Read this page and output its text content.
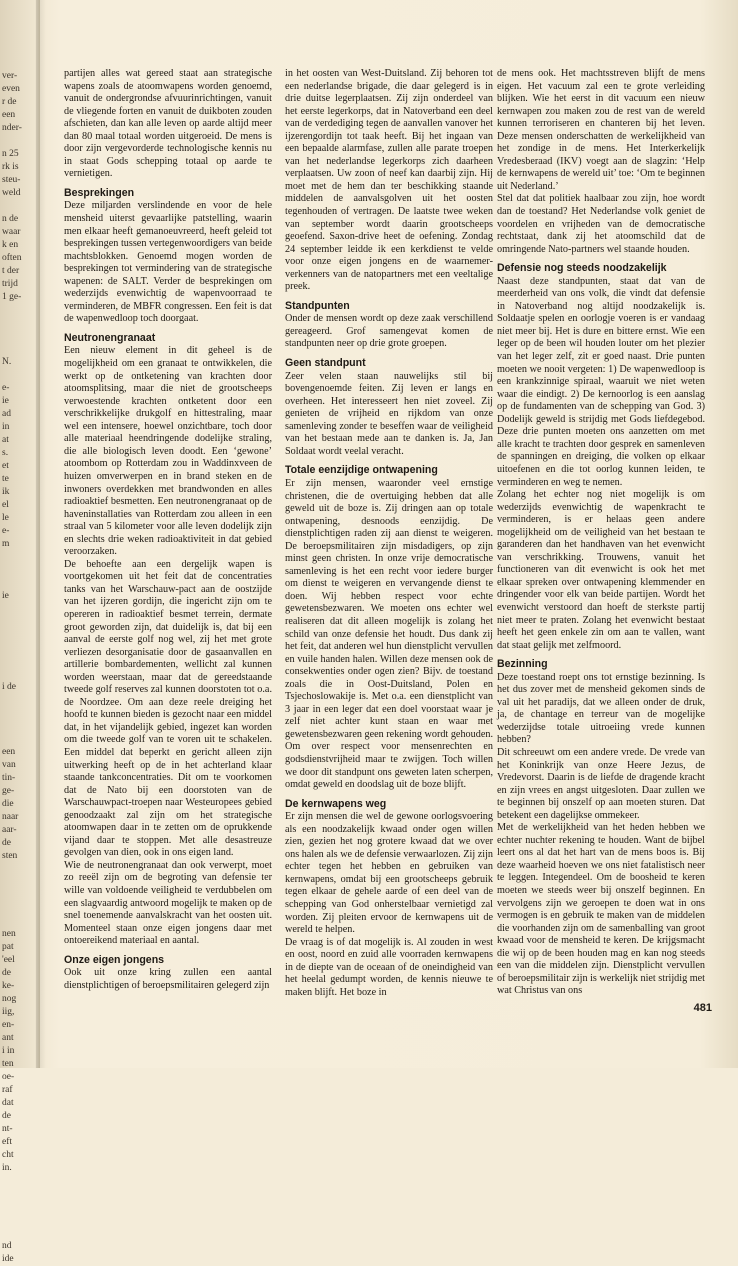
ver-
even
r de
een
nder-
n 25
rk is
steu-
weld
n de
waar
k en
often
t der
trijd
1 ge-
N.
e-
ie
ad
in
at
s.
et
te
ik
el
le
e-
m
ie
i de
een
van
tin-
ge-
die
naar
aar-
de
sten
nen
pat
'eel
de
ke-
nog
iig,
en-
ant
i in
ten
oe-
raf
dat
de
nt-
eft
cht
in.
nd
ide

partijen alles wat gereed staat aan strategische wapens zoals de atoomwapens worden genoemd, vanuit de ondergrondse afvuurinrichtingen, vanuit de vliegende forten en vanuit de duikboten zouden afschieten, dan kan alle leven op aarde altijd meer dan 80 maal totaal worden uitgeroeid. De mens is door zijn vergevorderde technologische kennis nu in staat Gods schepping totaal op aarde te vernietigen.

Besprekingen

Deze miljarden verslindende en voor de hele mensheid uiterst gevaarlijke patstelling, waarin men elkaar heeft gemanoeuvreerd, heeft geleid tot besprekingen tussen vertegenwoordigers van beide machtsblokken. Genoemd mogen worden de besprekingen tot vermindering van de strategische wapenen: de SALT. Verder de besprekingen om wederzijds evenwichtig de wapenvoorraad te verminderen, de MBFR congressen. Een feit is dat de wapenwedloop toch doorgaat.

Neutronengranaat

Een nieuw element in dit geheel is de mogelijkheid om een granaat te ontwikkelen, die werkt op de ontketening van krachten door atoomsplitsing, maar die niet de grootscheeps verwoestende krachten ontketent door een verschrikkelijke drukgolf en hittestraling, maar wel een intensere, hoewel onzichtbare, toch door alle materiaal heendringende dodelijke straling, die alle biologisch leven doodt. Een ‘gewone’ atoombom op Rotterdam zou in Waddinxveen de huizen omverwerpen en in brand steken en de inwoners overdekken met brandwonden en alles radioaktief besmetten. Een neutronengranaat op de haveninstallaties van Rotterdam zou alleen in een straal van 5 kilometer voor alle leven dodelijk zijn en slechts drie weken radioaktiviteit in dat gebied veroorzaken.

De behoefte aan een dergelijk wapen is voortgekomen uit het feit dat de concentraties tanks van het Warschauw-pact aan de oostzijde van het ijzeren gordijn, die ingericht zijn om te opereren in radioaktief besmet terrein, dermate groot geworden zijn, dat duidelijk is, dat bij een aanval de eerste golf nog wel, zij het met grote verliezen desorganisatie door de gasaanvallen en artillerie bombardementen, wellicht zal kunnen worden weerstaan, maar dat de gereedstaande tweede golf reserves zal kunnen doorstoten tot o.a. de Noordzee. Om aan deze reele dreiging het hoofd te kunnen bieden is gezocht naar een middel dat, in het vijandelijk gebied, ingezet kan worden om die tweede golf van te voren uit te schakelen. Een middel dat beperkt en gericht alleen zijn uitwerking heeft op de in het achterland klaar staande tankconcentraties. Dit om te voorkomen dat de Nato bij een doorstoten van de Warschauwpact-troepen naar Westeuropees gebied genoodzaakt zal zijn om het strategische atoomwapen daar in te zetten om de oprukkende vijand daar te stoppen. Met alle desastreuze gevolgen van dien, ook in ons eigen land.

Wie de neutronengranaat dan ook verwerpt, moet zo reeël zijn om de begroting van defensie ter wille van voldoende veiligheid te verdubbelen om een slagvaardig antwoord mogelijk te maken op de snel toenemende aanvalskracht van het oosten uit. Momenteel staan onze eigen jongens daar met ontoereikend materiaal en aantal.

Onze eigen jongens

Ook uit onze kring zullen een aantal dienstplichtigen of beroepsmilitairen gelegerd zijn

in het oosten van West-Duitsland. Zij behoren tot een nederlandse brigade, die daar gelegerd is in drie duitse legerplaatsen. Zij zijn onderdeel van het eerste legerkorps, dat in Natoverband een deel van de verdediging tegen de aanvallen vanover het ijzerengordijn tot taak heeft. Bij het ingaan van een bepaalde alarmfase, zullen alle parate troepen van het nederlandse legerkorps zich daarheen verplaatsen. Uw zoon of neef kan daarbij zijn. Hij moet met de hem dan ter beschikking staande middelen de aanvalsgolven uit het oosten tegenhouden of vertragen. De laatste twee weken van september wordt daarin grootscheeps geoefend. Saxon-drive heet de oefening. Zondag 24 september leidde ik een kerkdienst te velde voor onze eigen jongens en de waarnemer-verkenners van de natopartners met een veeltalige preek.

Standpunten

Onder de mensen wordt op deze zaak verschillend gereageerd. Grof samengevat komen de standpunten neer op drie grote groepen.

Geen standpunt

Zeer velen staan nauwelijks stil bij bovengenoemde feiten. Zij leven er langs en overheen. Het interesseert hen niet zoveel. Zij genieten de vrijheid en rijkdom van onze samenleving zonder te beseffen waar de veiligheid van het bestaan mede aan te danken is. Ja, Jan Soldaat wordt veelal veracht.

Totale eenzijdige ontwapening

Er zijn mensen, waaronder veel ernstige christenen, die de overtuiging hebben dat alle geweld uit de boze is. Zij dringen aan op totale ontwapening, desnoods eenzijdig. De dienstplichtigen raden zij aan dienst te weigeren. De beroepsmilitairen zijn misdadigers, op zijn minst geen christen. In onze vrije democratische samenleving is het een recht voor iedere burger om dienst te weigeren en vervangende dienst te doen. Wij hebben respect voor echte gewetensbezwaren. We moeten ons echter wel realiseren dat dit alleen mogelijk is zolang het schild van onze defensie het houdt. Dus dank zij het feit, dat anderen wel hun dienstplicht vervullen en vuile handen halen. Willen deze mensen ook de consekwenties onder ogen zien? Bijv. de toestand zoals die in Oost-Duitsland, Polen en Tsjechoslowakije is. Met o.a. een dienstplicht van 3 jaar in een leger dat een doel voorstaat waar je zelf niet achter kunt staan en waar met gewetensbezwaren geen rekening wordt gehouden. Om over respect voor mensenrechten en godsdienstvrijheid maar te zwijgen. Toch willen we door dit standpunt ons geweten laten scherpen, omdat geweld en doodslag uit de boze blijft.

De kernwapens weg

Er zijn mensen die wel de gewone oorlogsvoering als een noodzakelijk kwaad onder ogen willen zien, gezien het nog grotere kwaad dat we over ons halen als we de defensie verwaarlozen. Zij zijn echter tegen het hebben en gebruiken van kernwapens, omdat bij een grootscheeps gebruik tegen elkaar de gehele aarde of een deel van de schepping van God onherstelbaar vernietigd zal worden. Zij pleiten ervoor de kernwapens uit de wereld te helpen.

De vraag is of dat mogelijk is. Al zouden in west en oost, noord en zuid alle voorraden kernwapens in de diepte van de oceaan of de oneindigheid van het heelal gedumpt worden, de kennis nieuwe te maken blijft. Het boze in

de mens ook. Het machtsstreven blijft de mens eigen. Het vacuum zal een te grote verleiding blijken. Wie het eerst in dit vacuum een nieuw kernwapen zou maken zou de rest van de wereld kunnen terroriseren en chanteren bij het leven. Deze mensen onderschatten de werkelijkheid van het zondige in de mens. Het Interkerkelijk Vredesberaad (IKV) voegt aan de slagzin: ‘Help de kernwapens de wereld uit’ toe: ‘Om te beginnen uit Nederland.’

Stel dat dat politiek haalbaar zou zijn, hoe wordt dan de toestand? Het Nederlandse volk geniet de voordelen en vrijheden van de democratische rechtstaat, dank zij het atoomschild dat de omringende Nato-partners wel staande houden.

Defensie nog steeds noodzakelijk

Naast deze standpunten, staat dat van de meerderheid van ons volk, die vindt dat defensie in Natoverband nog altijd noodzakelijk is. Soldaatje spelen en oorlogje voeren is er vandaag niet meer bij. Het is dure en bittere ernst. Wie een leger op de been wil houden louter om het plezier van het leger zelf, zit er goed naast. Drie punten moeten we nooit vergeten: 1) De wapenwedloop is een krankzinnige spiraal, waaruit we niet weten waar die eindigt. 2) De kernoorlog is een aanslag op de fundamenten van de schepping van God. 3) Dodelijk geweld is strijdig met Gods liefdegebod. Deze drie punten moeten ons aanzetten om met alle kracht te trachten door gesprek en samenleven de spanningen en dreiging, die volken op elkaar uitoefenen en die tot oorlog kunnen leiden, te verminderen en weg te nemen.

Zolang het echter nog niet mogelijk is om wederzijds evenwichtig de wapenkracht te verminderen, is er helaas geen andere mogelijkheid om de veiligheid van het bestaan te garanderen dan het handhaven van het evenwicht van verschrikking. Trouwens, vanuit het functioneren van dit evenwicht is ook het met elkaar spreken over ontwapening klemmender en dringender voor elk van beide partijen. Wordt het evenwicht verstoord dan hoeft de sterkste partij niet meer te praten. Zolang het evenwicht bestaat heeft het geen enkele zin om aan te vallen, want dat staat gelijk met zelfmoord.

Bezinning

Deze toestand roept ons tot ernstige bezinning. Is het dus zover met de mensheid gekomen sinds de val uit het paradijs, dat we alleen onder de druk, ja, de chantage en terreur van de mogelijke wederzijdse totale uitroeiing vrede kunnen hebben?

Dit schreeuwt om een andere vrede. De vrede van het Koninkrijk van onze Heere Jezus, de Vredevorst. Daarin is de liefde de dragende kracht en zijn vrees en angst uitgesloten. Daar zullen we te beginnen bij onszelf op aan moeten sturen. Dat betekent een dagelijkse ommekeer.

Met de werkelijkheid van het heden hebben we echter nuchter rekening te houden. Want de bijbel leert ons al dat het hart van de mens boos is. Bij deze waarheid hoeven we ons niet fatalistisch neer te leggen. Integendeel. Om de boosheid te keren moeten we steeds weer bij onszelf beginnen. En vervolgens zijn we geroepen te doen wat in ons vermogen is en gebruik te maken van de middelen die voorhanden zijn om de samenballing van groot kwaad voor de mensheid te keren. De krijgsmacht die wij op de been houden mag en kan nog steeds een van die middelen zijn. Dienstplicht vervullen of beroepsmilitair zijn is werkelijk niet strijdig met wat Christus van ons

481
